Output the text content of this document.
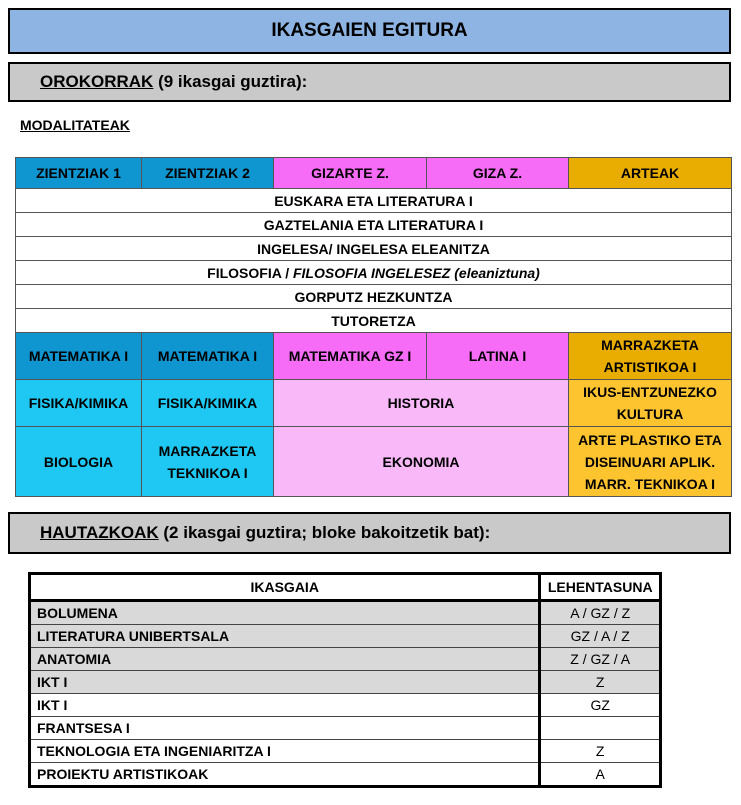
IKASGAIEN EGITURA
OROKORRAK (9 ikasgai guztira):
MODALITATEAK
ZIENTZIAK 1	ZIENTZIAK 2	GIZARTE Z.	GIZA Z.	ARTEAK
EUSKARA ETA LITERATURA I				
GAZTELANIA ETA LITERATURA I				
INGELESA/ INGELESA ELEANITZA				
FILOSOFIA / FILOSOFIA INGELESEZ (eleaniztuna)				
GORPUTZ HEZKUNTZA				
TUTORETZA				
MATEMATIKA I	MATEMATIKA I	MATEMATIKA GZ I	LATINA I	MARRAZKETA ARTISTIKOA I
FISIKA/KIMIKA	FISIKA/KIMIKA	HISTORIA		IKUS-ENTZUNEZKO KULTURA
BIOLOGIA	MARRAZKETA TEKNIKOA I	EKONOMIA		ARTE PLASTIKO ETA DISEINUARI APLIK. MARR. TEKNIKOA I
HAUTAZKOAK (2 ikasgai guztira; bloke bakoitzetik bat):
IKASGAIA	LEHENTASUNA
BOLUMENA	A / GZ / Z
LITERATURA UNIBERTSALA	GZ / A / Z
ANATOMIA	Z / GZ / A
IKT I	Z
IKT I	GZ
FRANTSESA I	
TEKNOLOGIA ETA INGENIARITZA I	Z
PROIEKTU ARTISTIKOAK	A
